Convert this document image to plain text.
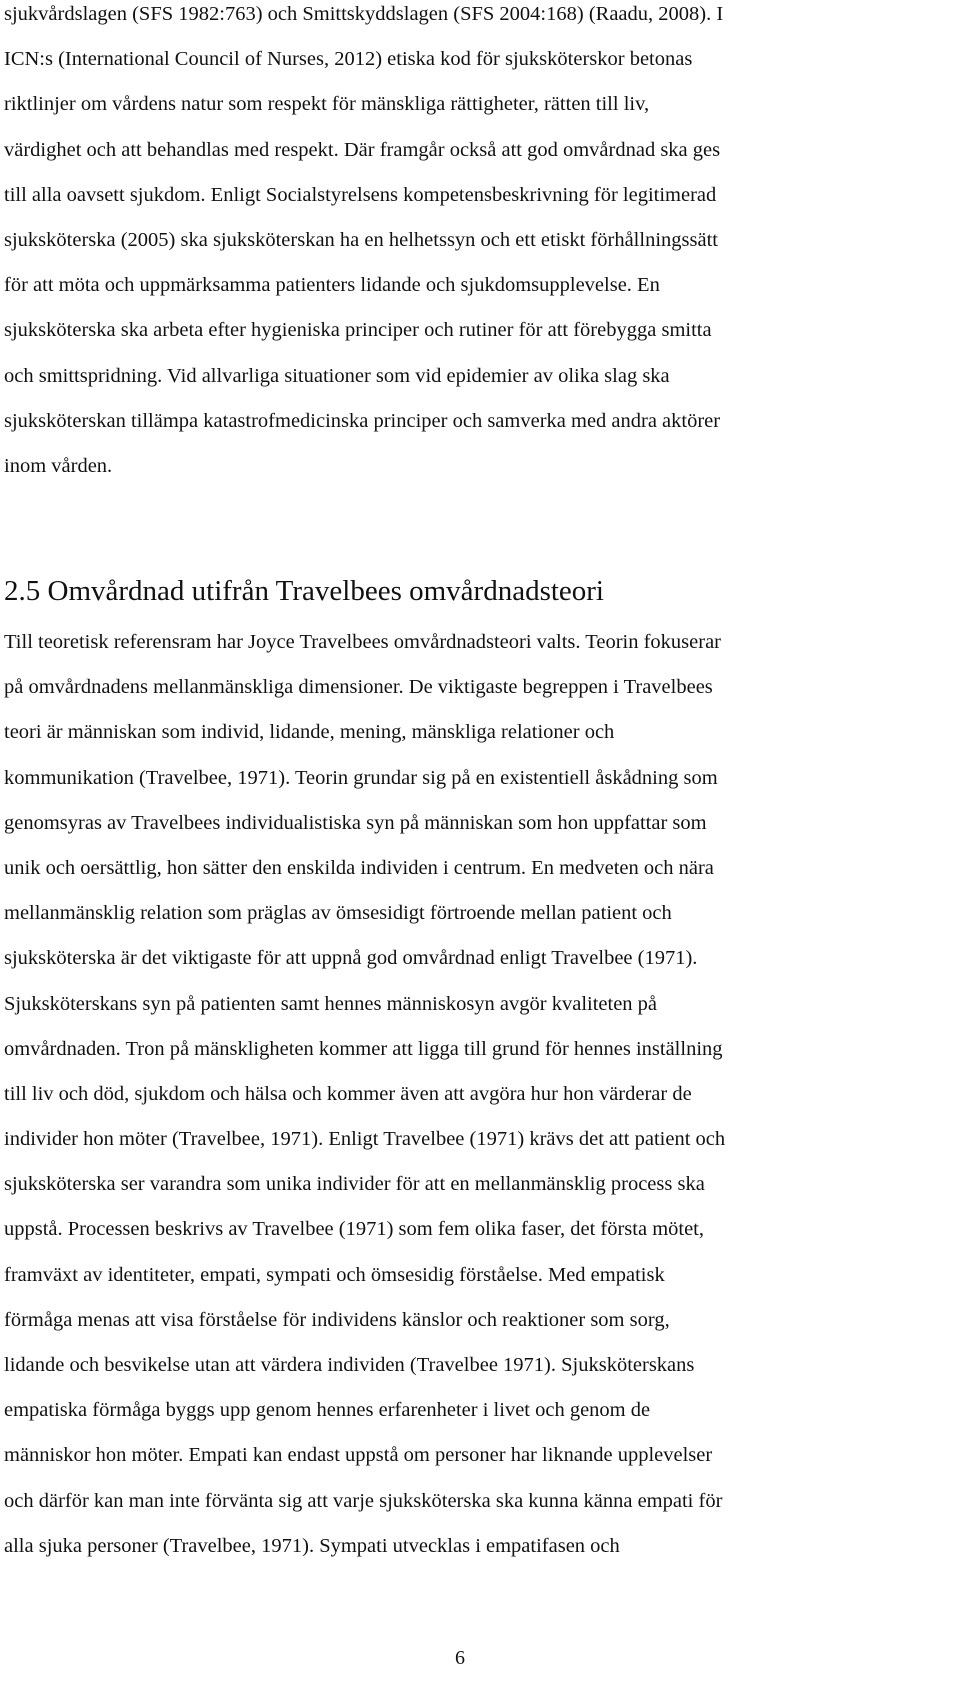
sjukvårdslagen (SFS 1982:763) och Smittskyddslagen (SFS 2004:168) (Raadu, 2008). I
ICN:s (International Council of Nurses, 2012) etiska kod för sjuksköterskor betonas
riktlinjer om vårdens natur som respekt för mänskliga rättigheter, rätten till liv,
värdighet och att behandlas med respekt. Där framgår också att god omvårdnad ska ges
till alla oavsett sjukdom. Enligt Socialstyrelsens kompetensbeskrivning för legitimerad
sjuksköterska (2005) ska sjuksköterskan ha en helhetssyn och ett etiskt förhållningssätt
för att möta och uppmärksamma patienters lidande och sjukdomsupplevelse. En
sjuksköterska ska arbeta efter hygieniska principer och rutiner för att förebygga smitta
och smittspridning. Vid allvarliga situationer som vid epidemier av olika slag ska
sjuksköterskan tillämpa katastrofmedicinska principer och samverka med andra aktörer
inom vården.

2.5 Omvårdnad utifrån Travelbees omvårdnadsteori

Till teoretisk referensram har Joyce Travelbees omvårdnadsteori valts. Teorin fokuserar
på omvårdnadens mellanmänskliga dimensioner. De viktigaste begreppen i Travelbees
teori är människan som individ, lidande, mening, mänskliga relationer och
kommunikation (Travelbee, 1971). Teorin grundar sig på en existentiell åskådning som
genomsyras av Travelbees individualistiska syn på människan som hon uppfattar som
unik och oersättlig, hon sätter den enskilda individen i centrum. En medveten och nära
mellanmänsklig relation som präglas av ömsesidigt förtroende mellan patient och
sjuksköterska är det viktigaste för att uppnå god omvårdnad enligt Travelbee (1971).
Sjuksköterskans syn på patienten samt hennes människosyn avgör kvaliteten på
omvårdnaden. Tron på mänskligheten kommer att ligga till grund för hennes inställning
till liv och död, sjukdom och hälsa och kommer även att avgöra hur hon värderar de
individer hon möter (Travelbee, 1971). Enligt Travelbee (1971) krävs det att patient och
sjuksköterska ser varandra som unika individer för att en mellanmänsklig process ska
uppstå. Processen beskrivs av Travelbee (1971) som fem olika faser, det första mötet,
framväxt av identiteter, empati, sympati och ömsesidig förståelse. Med empatisk
förmåga menas att visa förståelse för individens känslor och reaktioner som sorg,
lidande och besvikelse utan att värdera individen (Travelbee 1971). Sjuksköterskans
empatiska förmåga byggs upp genom hennes erfarenheter i livet och genom de
människor hon möter. Empati kan endast uppstå om personer har liknande upplevelser
och därför kan man inte förvänta sig att varje sjuksköterska ska kunna känna empati för
alla sjuka personer (Travelbee, 1971). Sympati utvecklas i empatifasen och

6
